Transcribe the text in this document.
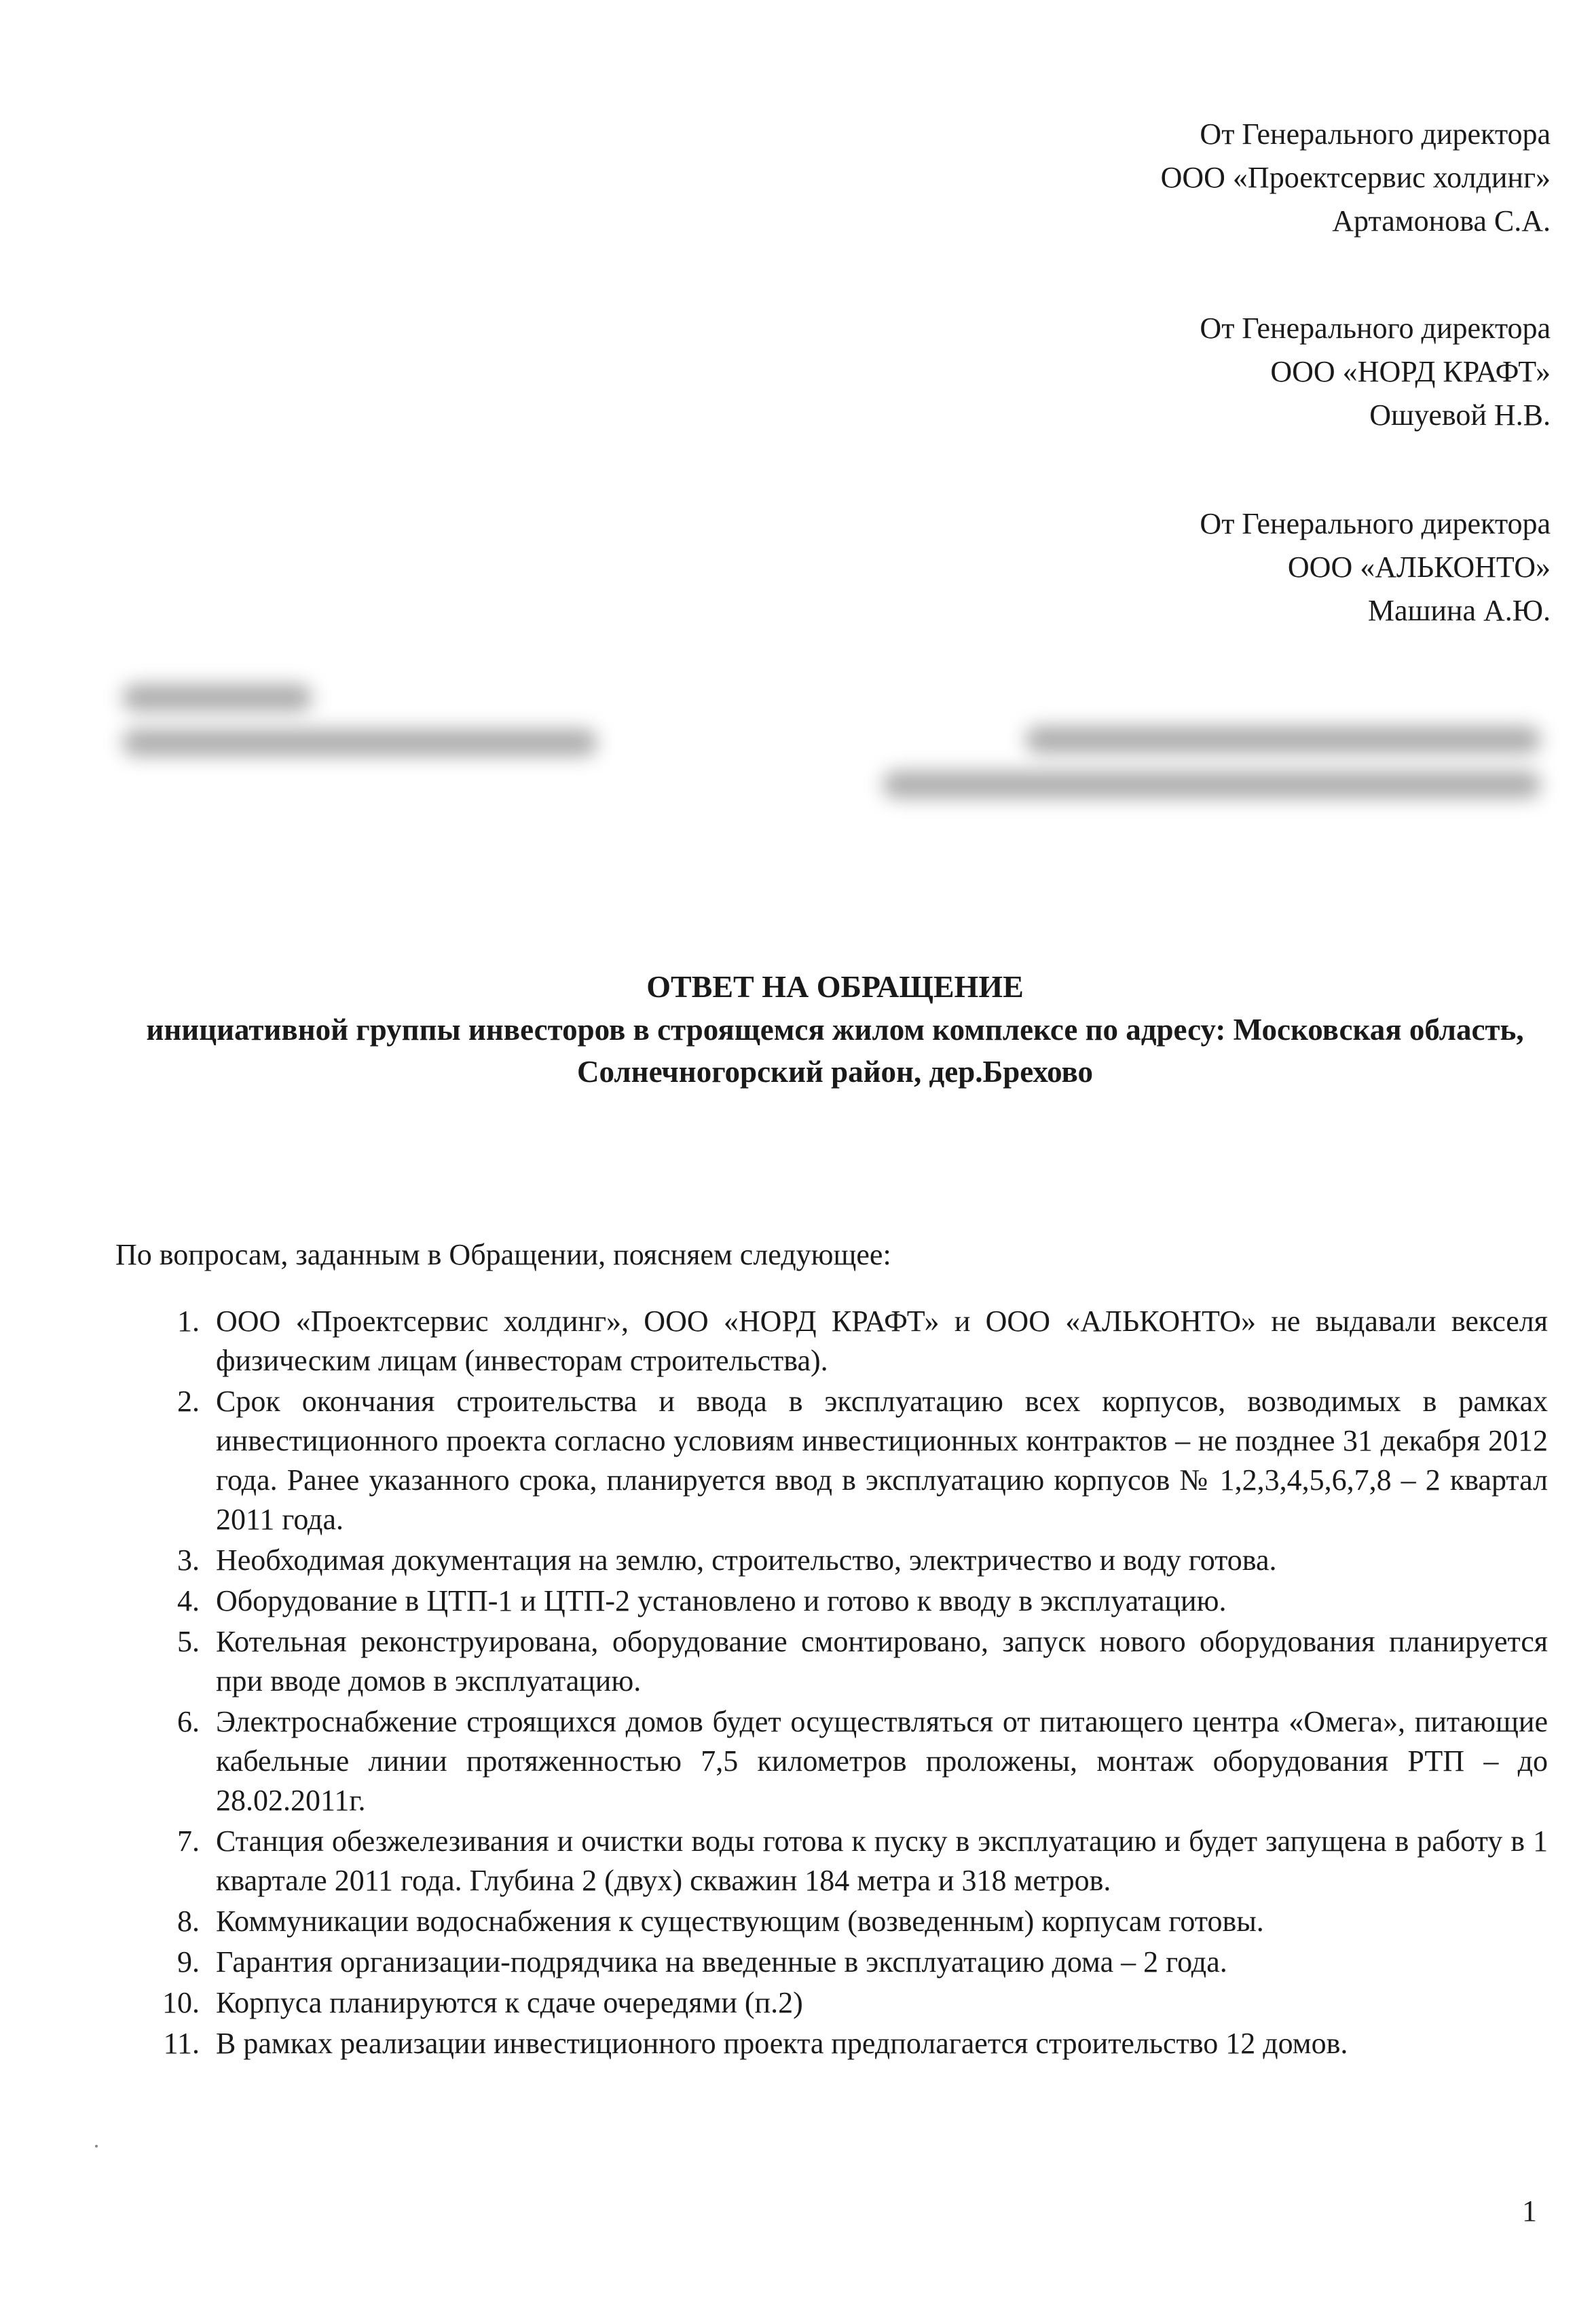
От Генерального директора
ООО «Проектсервис холдинг»
Артамонова С.А.
От Генерального директора
ООО «НОРД КРАФТ»
Ошуевой Н.В.
От Генерального директора
ООО «АЛЬКОНТО»
Машина А.Ю.
ОТВЕТ НА ОБРАЩЕНИЕ
инициативной группы инвесторов в строящемся жилом комплексе по адресу: Московская область, Солнечногорский район, дер.Брехово
По вопросам, заданным в Обращении, поясняем следующее:
1. ООО «Проектсервис холдинг», ООО «НОРД КРАФТ» и ООО «АЛЬКОНТО» не выдавали векселя физическим лицам (инвесторам строительства).
2. Срок окончания строительства и ввода в эксплуатацию всех корпусов, возводимых в рамках инвестиционного проекта согласно условиям инвестиционных контрактов – не позднее 31 декабря 2012 года. Ранее указанного срока, планируется ввод в эксплуатацию корпусов № 1,2,3,4,5,6,7,8 – 2 квартал 2011 года.
3. Необходимая документация на землю, строительство, электричество и воду готова.
4. Оборудование в ЦТП-1 и ЦТП-2 установлено и готово к вводу в эксплуатацию.
5. Котельная реконструирована, оборудование смонтировано, запуск нового оборудования планируется при вводе домов в эксплуатацию.
6. Электроснабжение строящихся домов будет осуществляться от питающего центра «Омега», питающие кабельные линии протяженностью 7,5 километров проложены, монтаж оборудования РТП – до 28.02.2011г.
7. Станция обезжелезивания и очистки воды готова к пуску в эксплуатацию и будет запущена в работу в 1 квартале 2011 года. Глубина 2 (двух) скважин 184 метра и 318 метров.
8. Коммуникации водоснабжения к существующим (возведенным) корпусам готовы.
9. Гарантия организации-подрядчика на введенные в эксплуатацию дома – 2 года.
10. Корпуса планируются к сдаче очередями (п.2)
11. В рамках реализации инвестиционного проекта предполагается строительство 12 домов.
1
